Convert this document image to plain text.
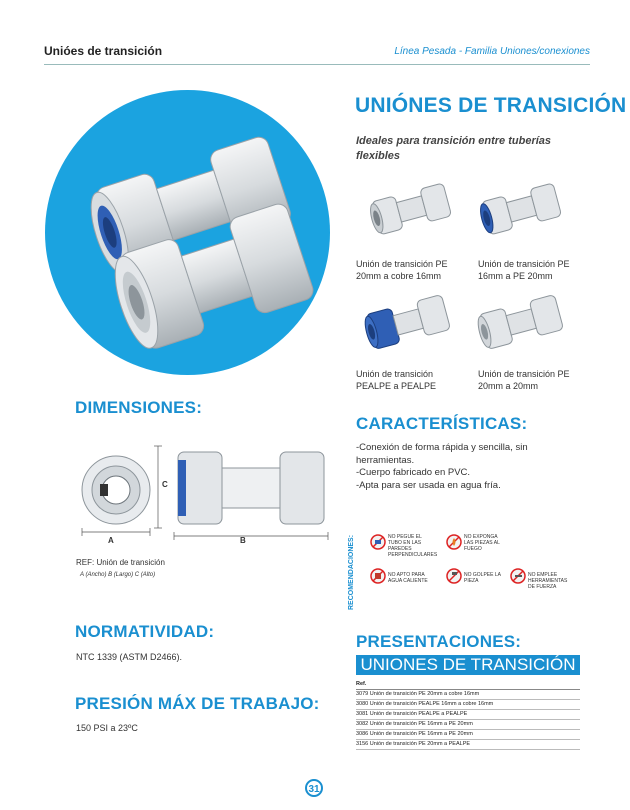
Unióes de transición	Línea Pesada - Familia Uniones/conexiones
UNIÓNES DE TRANSICIÓN
Ideales para transición entre tuberías flexibles
Unión de transición PE 20mm a cobre 16mm
Unión de transición PE 16mm a PE 20mm
Unión de transición PEALPE a PEALPE
Unión de transición PE 20mm a 20mm
DIMENSIONES:
A	B
C
REF: Unión de transición
A (Ancho) B (Largo) C (Alto)
CARACTERÍSTICAS:
-Conexión de forma rápida y sencilla, sin herramientas.
-Cuerpo fabricado en PVC.
-Apta para ser usada en agua fría.
RECOMENDACIONES:	NO PEGUE EL TUBO EN LAS PAREDES PERPENDICULARES
NO EXPONGA LAS PIEZAS AL FUEGO
NO APTO PARA AGUA CALIENTE
NO GOLPEE LA PIEZA
NO EMPLEE HERRAMIENTAS DE FUERZA
NORMATIVIDAD:
NTC 1339 (ASTM D2466).
PRESIÓN MÁX DE TRABAJO:
150 PSI a 23ºC
PRESENTACIONES:
UNIONES DE TRANSICIÓN
Ref.
3079 Unión de transición PE 20mm a cobre 16mm
3080 Unión de transición PEALPE 16mm a cobre 16mm
3081 Unión de transición PEALPE a PEALPE
3082 Unión de transición PE 16mm a PE 20mm
3086 Unión de transición PE 16mm a PE 20mm
3156 Unión de transición PE 20mm a PEALPE
31
